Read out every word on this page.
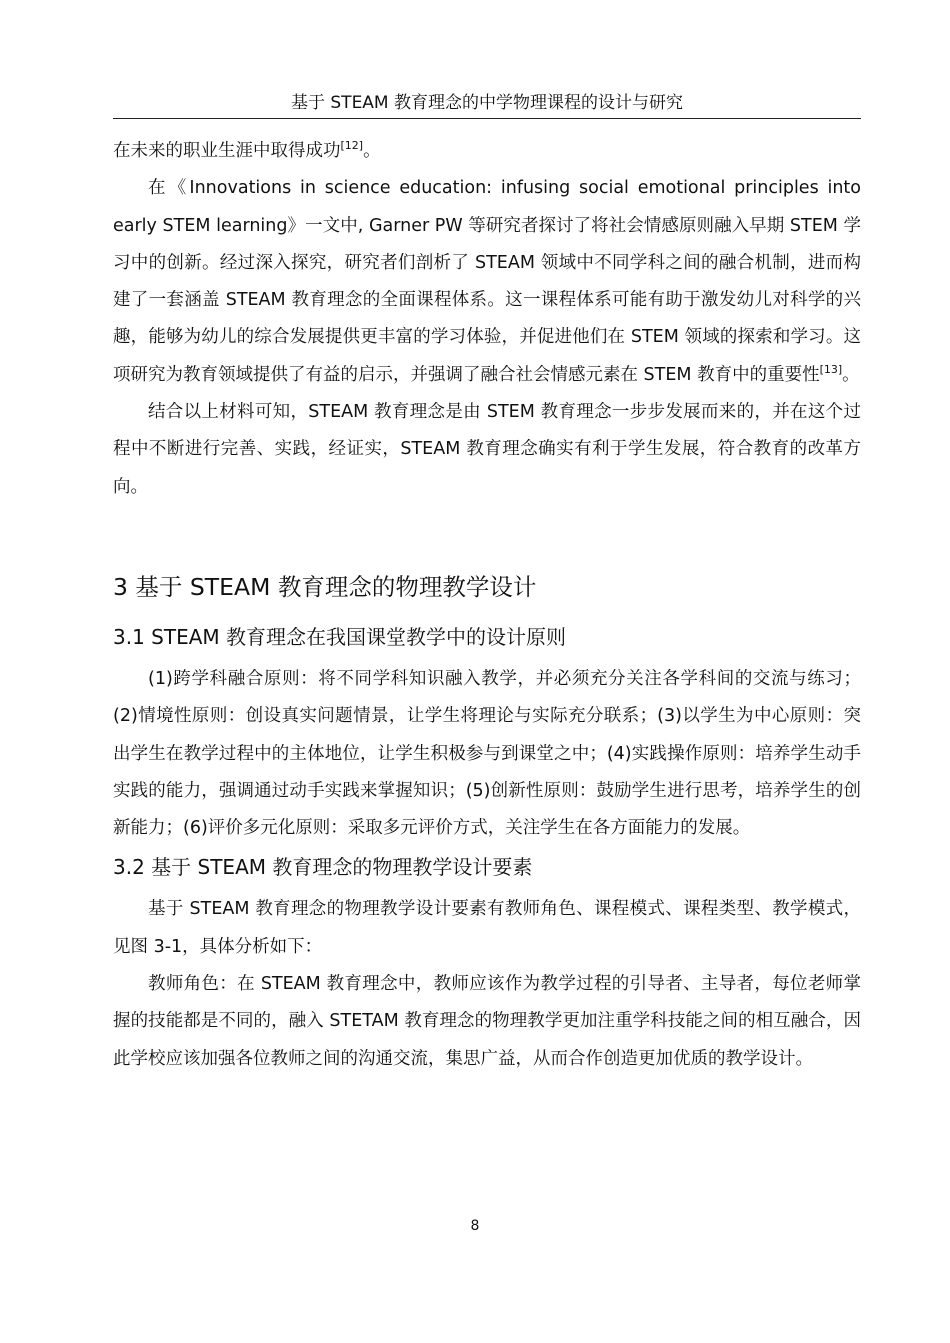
基于 STEAM 教育理念的中学物理课程的设计与研究

在未来的职业生涯中取得成功[12]。

在《Innovations in science education: infusing social emotional principles into early STEM learning》一文中, Garner PW 等研究者探讨了将社会情感原则融入早期 STEM 学习中的创新。经过深入探究，研究者们剖析了 STEAM 领域中不同学科之间的融合机制，进而构建了一套涵盖 STEAM 教育理念的全面课程体系。这一课程体系可能有助于激发幼儿对科学的兴趣，能够为幼儿的综合发展提供更丰富的学习体验，并促进他们在 STEM 领域的探索和学习。这项研究为教育领域提供了有益的启示，并强调了融合社会情感元素在 STEM 教育中的重要性[13]。

结合以上材料可知，STEAM 教育理念是由 STEM 教育理念一步步发展而来的，并在这个过程中不断进行完善、实践，经证实，STEAM 教育理念确实有利于学生发展，符合教育的改革方向。

3 基于 STEAM 教育理念的物理教学设计
3.1 STEAM 教育理念在我国课堂教学中的设计原则

(1)跨学科融合原则：将不同学科知识融入教学，并必须充分关注各学科间的交流与练习；(2)情境性原则：创设真实问题情景，让学生将理论与实际充分联系；(3)以学生为中心原则：突出学生在教学过程中的主体地位，让学生积极参与到课堂之中；(4)实践操作原则：培养学生动手实践的能力，强调通过动手实践来掌握知识；(5)创新性原则：鼓励学生进行思考，培养学生的创新能力；(6)评价多元化原则：采取多元评价方式，关注学生在各方面能力的发展。

3.2 基于 STEAM 教育理念的物理教学设计要素

基于 STEAM 教育理念的物理教学设计要素有教师角色、课程模式、课程类型、教学模式，见图 3-1，具体分析如下：

教师角色：在 STEAM 教育理念中，教师应该作为教学过程的引导者、主导者，每位老师掌握的技能都是不同的，融入 STETAM 教育理念的物理教学更加注重学科技能之间的相互融合，因此学校应该加强各位教师之间的沟通交流，集思广益，从而合作创造更加优质的教学设计。

8
